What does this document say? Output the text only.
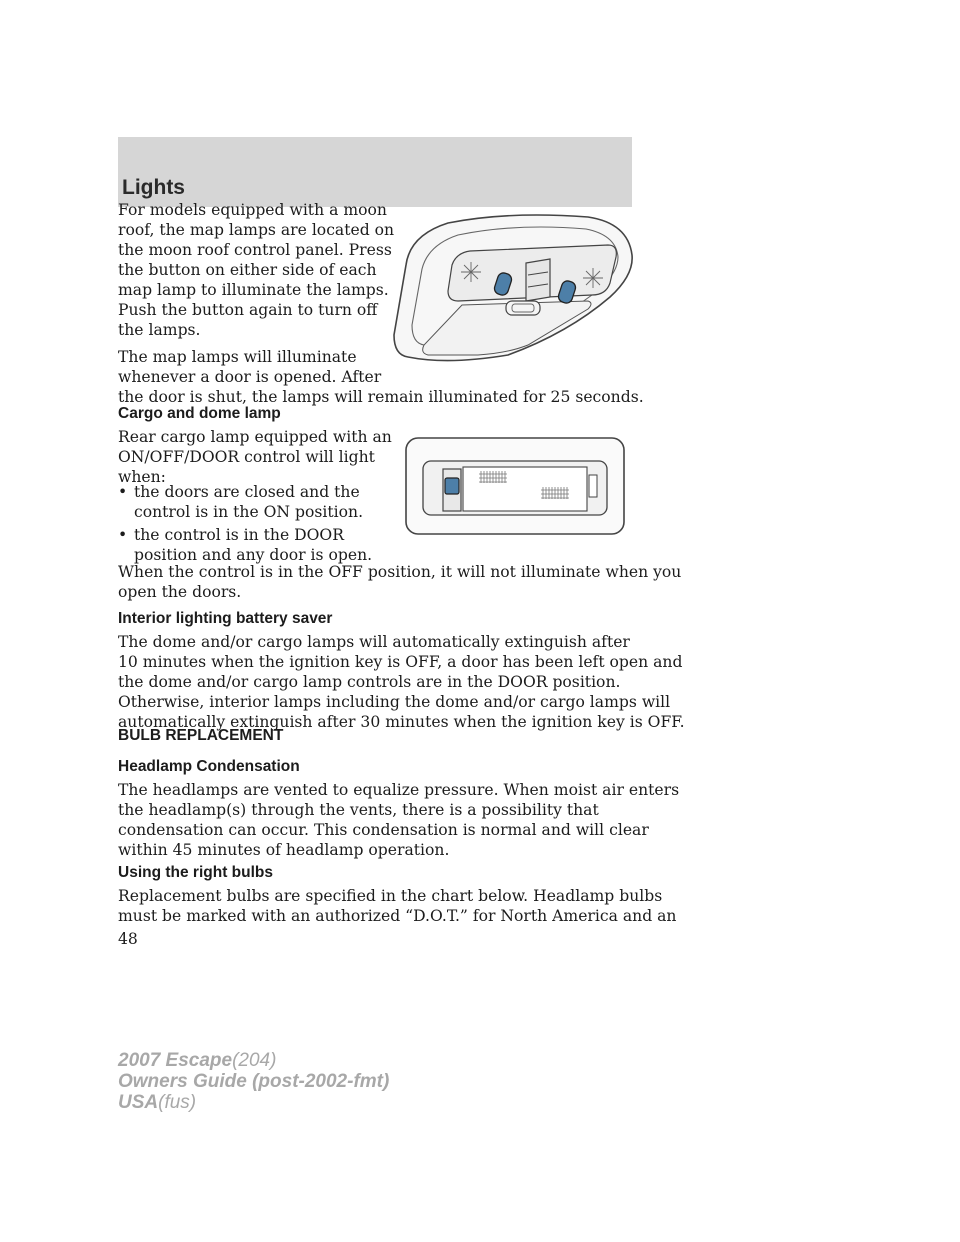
Lights

For models equipped with a moon
roof, the map lamps are located on
the moon roof control panel. Press
the button on either side of each
map lamp to illuminate the lamps.
Push the button again to turn off
the lamps.

The map lamps will illuminate
whenever a door is opened. After
the door is shut, the lamps will remain illuminated for 25 seconds.

Cargo and dome lamp

Rear cargo lamp equipped with an
ON/OFF/DOOR control will light
when:

• the doors are closed and the
control is in the ON position.
• the control is in the DOOR
position and any door is open.

When the control is in the OFF position, it will not illuminate when you
open the doors.

Interior lighting battery saver

The dome and/or cargo lamps will automatically extinguish after
10 minutes when the ignition key is OFF, a door has been left open and
the dome and/or cargo lamp controls are in the DOOR position.
Otherwise, interior lamps including the dome and/or cargo lamps will
automatically extinguish after 30 minutes when the ignition key is OFF.

BULB REPLACEMENT
Headlamp Condensation

The headlamps are vented to equalize pressure. When moist air enters
the headlamp(s) through the vents, there is a possibility that
condensation can occur. This condensation is normal and will clear
within 45 minutes of headlamp operation.

Using the right bulbs

Replacement bulbs are specified in the chart below. Headlamp bulbs
must be marked with an authorized “D.O.T.” for North America and an

48
2007 Escape(204)
Owners Guide (post-2002-fmt)
USA(fus)
